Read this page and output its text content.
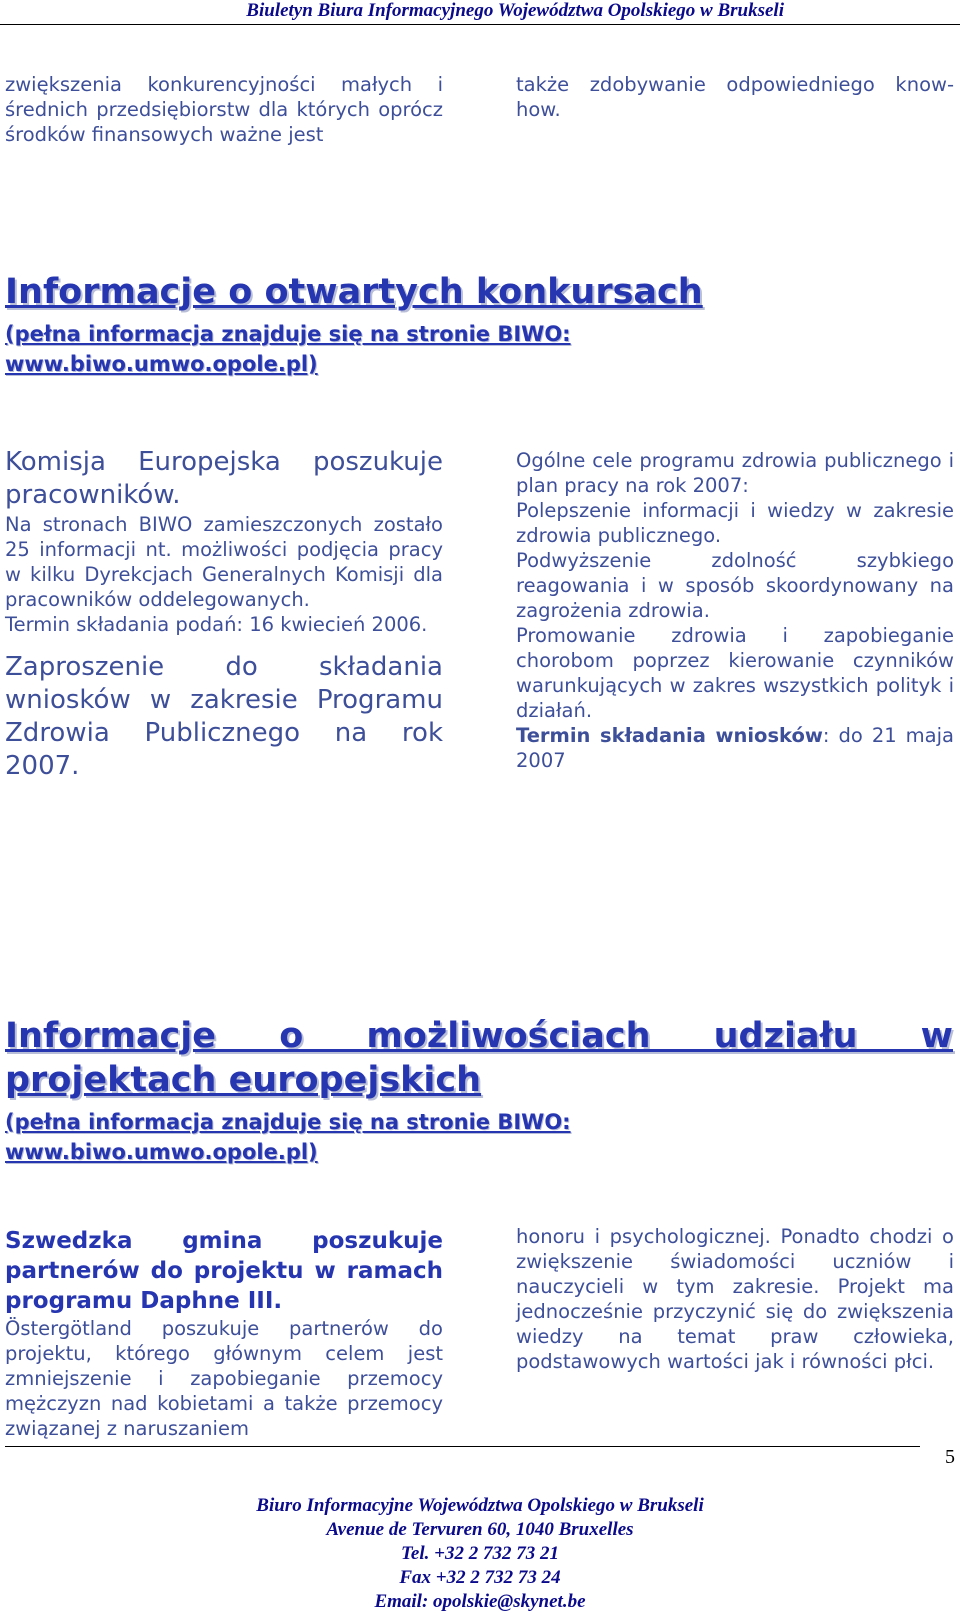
Biuletyn Biura Informacyjnego Województwa Opolskiego w Brukseli

zwiększenia konkurencyjności małych i średnich przedsiębiorstw dla których oprócz środków finansowych ważne jest

także zdobywanie odpowiedniego know-how.

Informacje o otwartych konkursach
(pełna informacja znajduje się na stronie BIWO:
www.biwo.umwo.opole.pl)

Komisja Europejska poszukuje pracowników.

Na stronach BIWO zamieszczonych zostało 25 informacji nt. możliwości podjęcia pracy w kilku Dyrekcjach Generalnych Komisji dla pracowników oddelegowanych.

Termin składania podań: 16 kwiecień 2006.

Zaproszenie do składania wniosków w zakresie Programu Zdrowia Publicznego na rok 2007.

Ogólne cele programu zdrowia publicznego i plan pracy na rok 2007:

Polepszenie informacji i wiedzy w zakresie zdrowia publicznego.

Podwyższenie zdolność szybkiego reagowania i w sposób skoordynowany na zagrożenia zdrowia.

Promowanie zdrowia i zapobieganie chorobom poprzez kierowanie czynników warunkujących w zakres wszystkich polityk i działań.

Termin składania wniosków: do 21 maja 2007

Informacje o możliwościach udziału w
projektach europejskich
(pełna informacja znajduje się na stronie BIWO:
www.biwo.umwo.opole.pl)

Szwedzka gmina poszukuje partnerów do projektu w ramach programu Daphne III.

Östergötland poszukuje partnerów do projektu, którego głównym celem jest zmniejszenie i zapobieganie przemocy mężczyzn nad kobietami a także przemocy związanej z naruszaniem

honoru i psychologicznej. Ponadto chodzi o zwiększenie świadomości uczniów i nauczycieli w tym zakresie. Projekt ma jednocześnie przyczynić się do zwiększenia wiedzy na temat praw człowieka, podstawowych wartości jak i równości płci.

5
Biuro Informacyjne Województwa Opolskiego w Brukseli
Avenue de Tervuren 60, 1040 Bruxelles
Tel. +32 2 732 73 21
Fax +32 2 732 73 24
Email: opolskie@skynet.be
